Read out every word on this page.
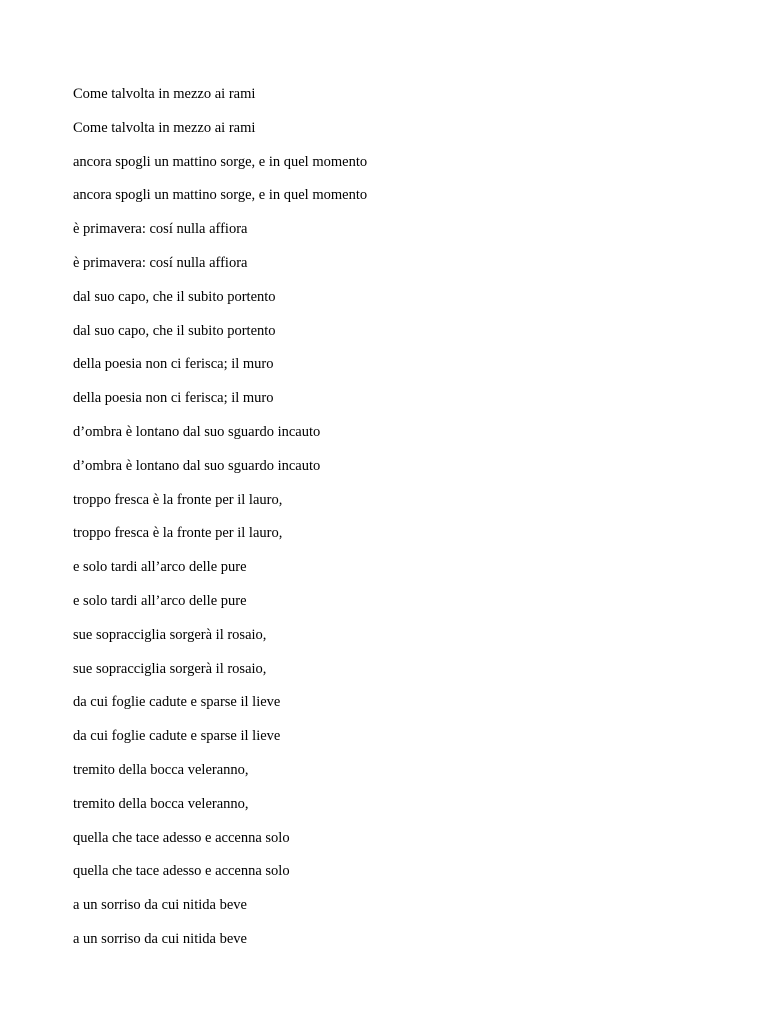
Come talvolta in mezzo ai rami
Come talvolta in mezzo ai rami
ancora spogli un mattino sorge, e in quel momento
ancora spogli un mattino sorge, e in quel momento
è primavera: cosí nulla affiora
è primavera: cosí nulla affiora
dal suo capo, che il subito portento
dal suo capo, che il subito portento
della poesia non ci ferisca; il muro
della poesia non ci ferisca; il muro
d’ombra è lontano dal suo sguardo incauto
d’ombra è lontano dal suo sguardo incauto
troppo fresca è la fronte per il lauro,
troppo fresca è la fronte per il lauro,
e solo tardi all’arco delle pure
e solo tardi all’arco delle pure
sue sopracciglia sorgerà il rosaio,
sue sopracciglia sorgerà il rosaio,
da cui foglie cadute e sparse il lieve
da cui foglie cadute e sparse il lieve
tremito della bocca veleranno,
tremito della bocca veleranno,
quella che tace adesso e accenna solo
quella che tace adesso e accenna solo
a un sorriso da cui nitida beve
a un sorriso da cui nitida beve
